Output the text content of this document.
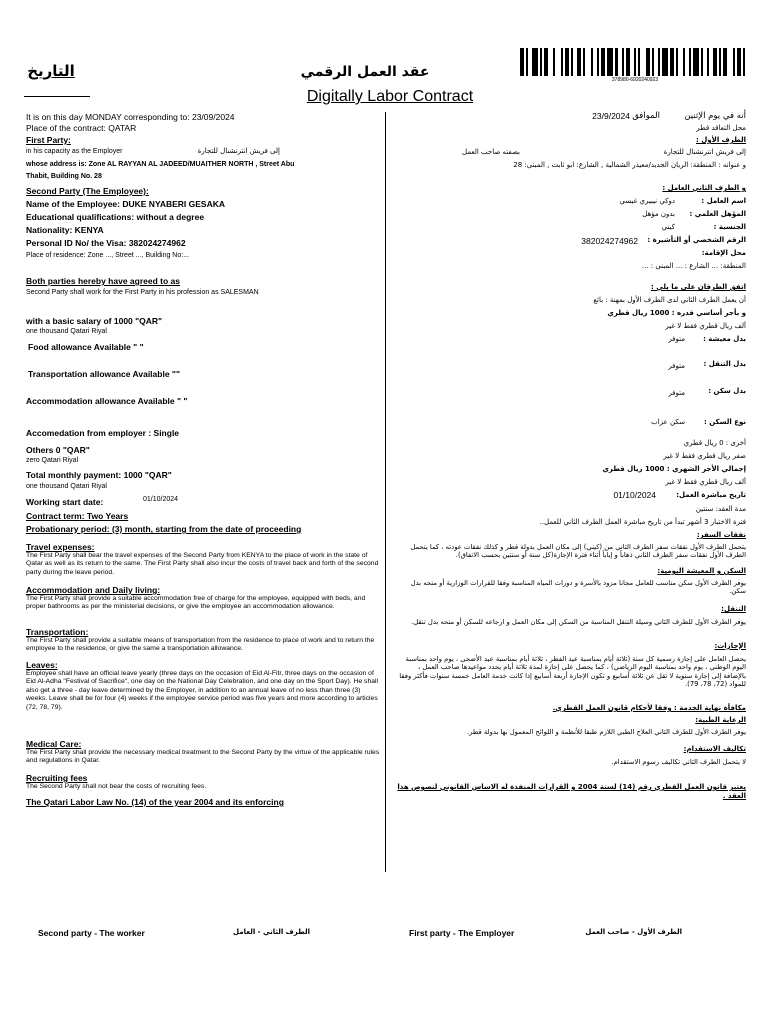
التاريخ	عقد العمل الرقمي
Digitally Labor Contract
378980-6920240923
It is on this day MONDAY corresponding to: 23/09/2024
Place of the contract: QATAR
First Party:
in his capacity as the Employer	إلى فريش انترنشنال للتجارة
whose address is: Zone AL RAYYAN AL JADEED/MUAITHER NORTH , Street Abu
Thabit, Building No. 28
Second Party (The Employee):
Name of the Employee: DUKE NYABERI GESAKA
Educational qualifications: without a degree
Nationality: KENYA
Personal ID No/ the Visa: 382024274962
Place of residence: Zone ..., Street ..., Building No:...
Both parties hereby have agreed to as
Second Party shall work for the First Party in his profession as SALESMAN
with a basic salary of 1000 "QAR"
one thousand Qatari Riyal
Food allowance Available " "
Transportation allowance Available ""
Accommodation allowance Available " "
Accomedation from employer : Single
Others 0 "QAR"
zero Qatari Riyal
Total monthly payment: 1000 "QAR"
one thousand Qatari Riyal
Working start date:	01/10/2024
Contract term: Two Years
Probationary period: (3) month, starting from the date of proceeding
Travel expenses:
The First Party shall bear the travel expenses of the Second Party from KENYA to the place of work in the state of Qatar as well as its return to the same. The First Party shall also incur the costs of travel back and forth of the second party during the leave period.
Accommodation and Daily living:
The First Party shall provide a suitable accommodation free of charge for the employee, equipped with beds, and proper bathrooms as per the ministerial decisions, or give the employee an accommodation allowance.
Transportation:
The First Party shall provide a suitable means of transportation from the residence to place of work and to return the employee to the residence, or give the same a transportation allowance.
Leaves:
Employee shall have an official leave yearly (three days on the occasion of Eid Al-Fitr, three days on the occasion of Eid Al-Adha "Festival of Sacrifice", one day on the National Day Celebration, and one day on the Sport Day). He shall also get a three - day leave determined by the Employer, in addition to an annual leave of no less than three (3) weeks. Leave shall be for four (4) weeks if the employee service period was five years and more according to articles (72, 78, 79).
Medical Care:
The First Party shall provide the necessary medical treatment to the Second Party by the virtue of the applicable rules and regulations in Qatar.
Recruiting fees
The Second Party shall not bear the costs of recruiting fees.
The Qatari Labor Law No. (14) of the year 2004 and its enforcing
أنه في يوم الإثنين
الموافق
23/9/2024
محل التعاقد قطر
الطرف الأول :
إلى فريش انترنشنال للتجارة
بصفته صاحب العمل
و عنوانه : المنطقة: الريان الجديد/معيذر الشمالية , الشارع: ابو ثابت , المبنى: 28
و الطرف الثاني العامل :
اسم العامل :
دوكي نيبيري غيسي
المؤهل العلمي :
بدون مؤهل
الجنسية :
كيني
الرقم الشخصي أو التأشيرة :
382024274962
محل الإقامة:
المنطقة: ... الشارع : ... المبنى : ...
اتفق الطرفان على ما يلي :
أن يعمل الطرف الثاني لدى الطرف الأول بمهنة : بائع
و بأجر أساسي قدره : 1000 ريال قطري
ألف ريال قطري فقط لا غير
بدل معيشة :
متوفر
بدل التنقل :
متوفر
بدل سكن :
متوفر
نوع السكن :
سكن عزاب
أخرى : 0 ريال قطري
صفر ريال قطري فقط لا غير
إجمالي الأجر الشهري : 1000 ريال قطري
ألف ريال قطري فقط لا غير
تاريخ مباشرة العمل:
01/10/2024
مدة العقد: سنتين
فترة الاختبار 3 أشهر تبدأ من تاريخ مباشرة العمل الطرف الثاني للعمل..
نفقات السفر:
يتحمل الطرف الأول نفقات سفر الطرف الثاني من (كيني) إلى مكان العمل بدولة قطر و كذلك نفقات عودته ، كما يتحمل الطرف الأول نفقات سفر الطرف الثاني ذهاباً و إياباً أثناء فترة الإجازة(كل سنة أو سنتين بحسب الاتفاق).
السكن و المعيشة اليومية:
يوفر الطرف الأول سكن مناسب للعامل مجانا مزود بالأسرة و دورات المياه المناسبة وفقا للقرارات الوزارية أو منحه بدل سكن.
التنقل:
يوفر الطرف الأول للطرف الثاني وسيلة التنقل المناسبة من السكن إلى مكان العمل و ارجاعه للسكن أو منحه بدل تنقل.
الإجازات:
يحصل العامل على إجازة رسمية كل سنة (ثلاثة أيام بمناسبة عيد الفطر ، ثلاثة أيام بمناسبة عيد الأضحى ، يوم واحد بمناسبة اليوم الوطني ، يوم واحد بمناسبة اليوم الرياضي) ، كما يحصل على إجازة لمدة ثلاثة أيام يحدد مواعيدها صاحب العمل ، بالإضافة إلى إجازة سنوية لا تقل عن ثلاثة أسابيع و تكون الإجازة أربعة أسابيع إذا كانت خدمة العامل خمسة سنوات فأكثر وفقا للمواد (72، 78، 79).
مكافأة نهاية الخدمة : وفقا لأحكام قانون العمل القطري.
الرعاية الطبية:
يوفر الطرف الأول للطرف الثاني العلاج الطبي اللازم طبقا للأنظمة و اللوائح المعمول بها بدولة قطر.
تكاليف الاستقدام:
لا يتحمل الطرف الثاني تكاليف رسوم الاستقدام.
يعتبر قانون العمل القطري رقم (14) لسنة 2004 و القرارات المنفذة له الاساس القانوني لنصوص هذا العقد .
Second party - The worker	الطرف الثاني - العامل	First party - The Employer	الطرف الأول - صاحب العمل
